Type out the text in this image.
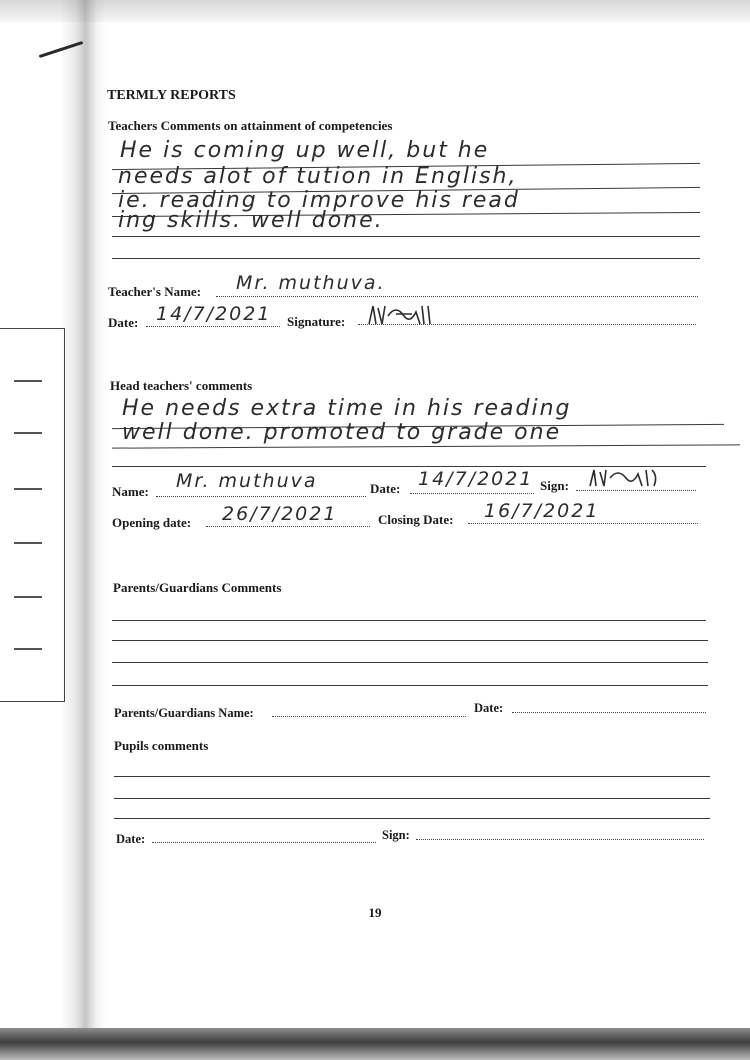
TERMLY REPORTS
Teachers Comments on attainment of competencies
He is coming up well, but he
needs alot of tution in English,
ie. reading to improve his read
ing skills. well done.
Teacher's Name: Mr. muthuva.
Date: 14/7/2021 Signature:
Head teachers' comments
He needs extra time in his reading
well done. promoted to grade one
Name: Mr. muthuva	Date: 14/7/2021 Sign:
Opening date: 26/7/2021	Closing Date: 16/7/2021
Parents/Guardians Comments
Parents/Guardians Name:	Date:
Pupils comments
Date:	Sign:
19
